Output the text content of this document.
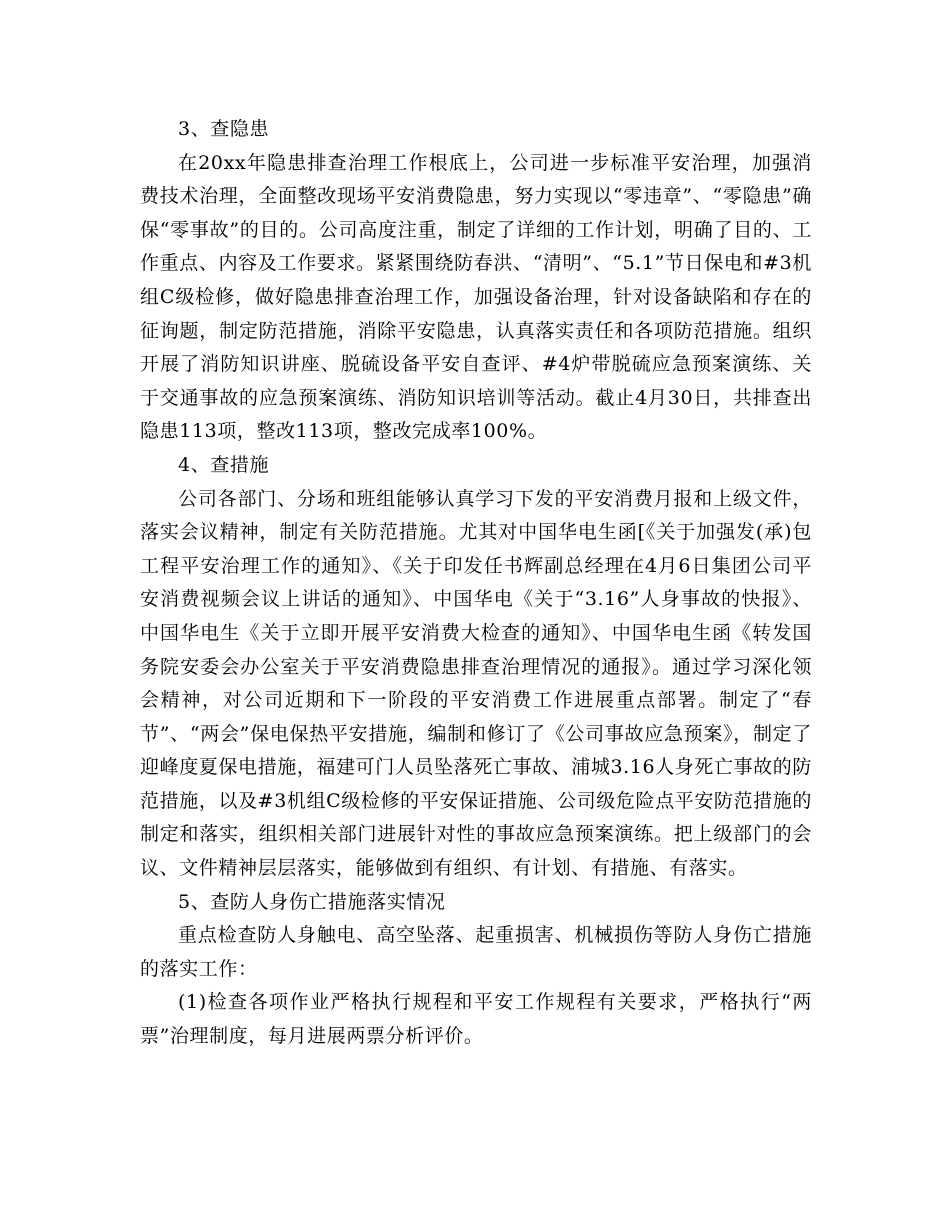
3、查隐患

在20xx年隐患排查治理工作根底上，公司进一步标准平安治理，加强消费技术治理，全面整改现场平安消费隐患，努力实现以“零违章”、“零隐患”确保“零事故”的目的。公司高度注重，制定了详细的工作计划，明确了目的、工作重点、内容及工作要求。紧紧围绕防春洪、“清明”、“5.1”节日保电和#3机组C级检修，做好隐患排查治理工作，加强设备治理，针对设备缺陷和存在的征询题，制定防范措施，消除平安隐患，认真落实责任和各项防范措施。组织开展了消防知识讲座、脱硫设备平安自查评、#4炉带脱硫应急预案演练、关于交通事故的应急预案演练、消防知识培训等活动。截止4月30日，共排查出隐患113项，整改113项，整改完成率100%。

4、查措施

公司各部门、分场和班组能够认真学习下发的平安消费月报和上级文件，落实会议精神，制定有关防范措施。尤其对中国华电生函[《关于加强发(承)包工程平安治理工作的通知》、《关于印发任书辉副总经理在4月6日集团公司平安消费视频会议上讲话的通知》、中国华电《关于“3.16”人身事故的快报》、中国华电生《关于立即开展平安消费大检查的通知》、中国华电生函《转发国务院安委会办公室关于平安消费隐患排查治理情况的通报》。通过学习深化领会精神，对公司近期和下一阶段的平安消费工作进展重点部署。制定了“春节”、“两会”保电保热平安措施，编制和修订了《公司事故应急预案》，制定了迎峰度夏保电措施，福建可门人员坠落死亡事故、浦城3.16人身死亡事故的防范措施，以及#3机组C级检修的平安保证措施、公司级危险点平安防范措施的制定和落实，组织相关部门进展针对性的事故应急预案演练。把上级部门的会议、文件精神层层落实，能够做到有组织、有计划、有措施、有落实。

5、查防人身伤亡措施落实情况

重点检查防人身触电、高空坠落、起重损害、机械损伤等防人身伤亡措施的落实工作：

(1)检查各项作业严格执行规程和平安工作规程有关要求，严格执行“两票”治理制度，每月进展两票分析评价。
